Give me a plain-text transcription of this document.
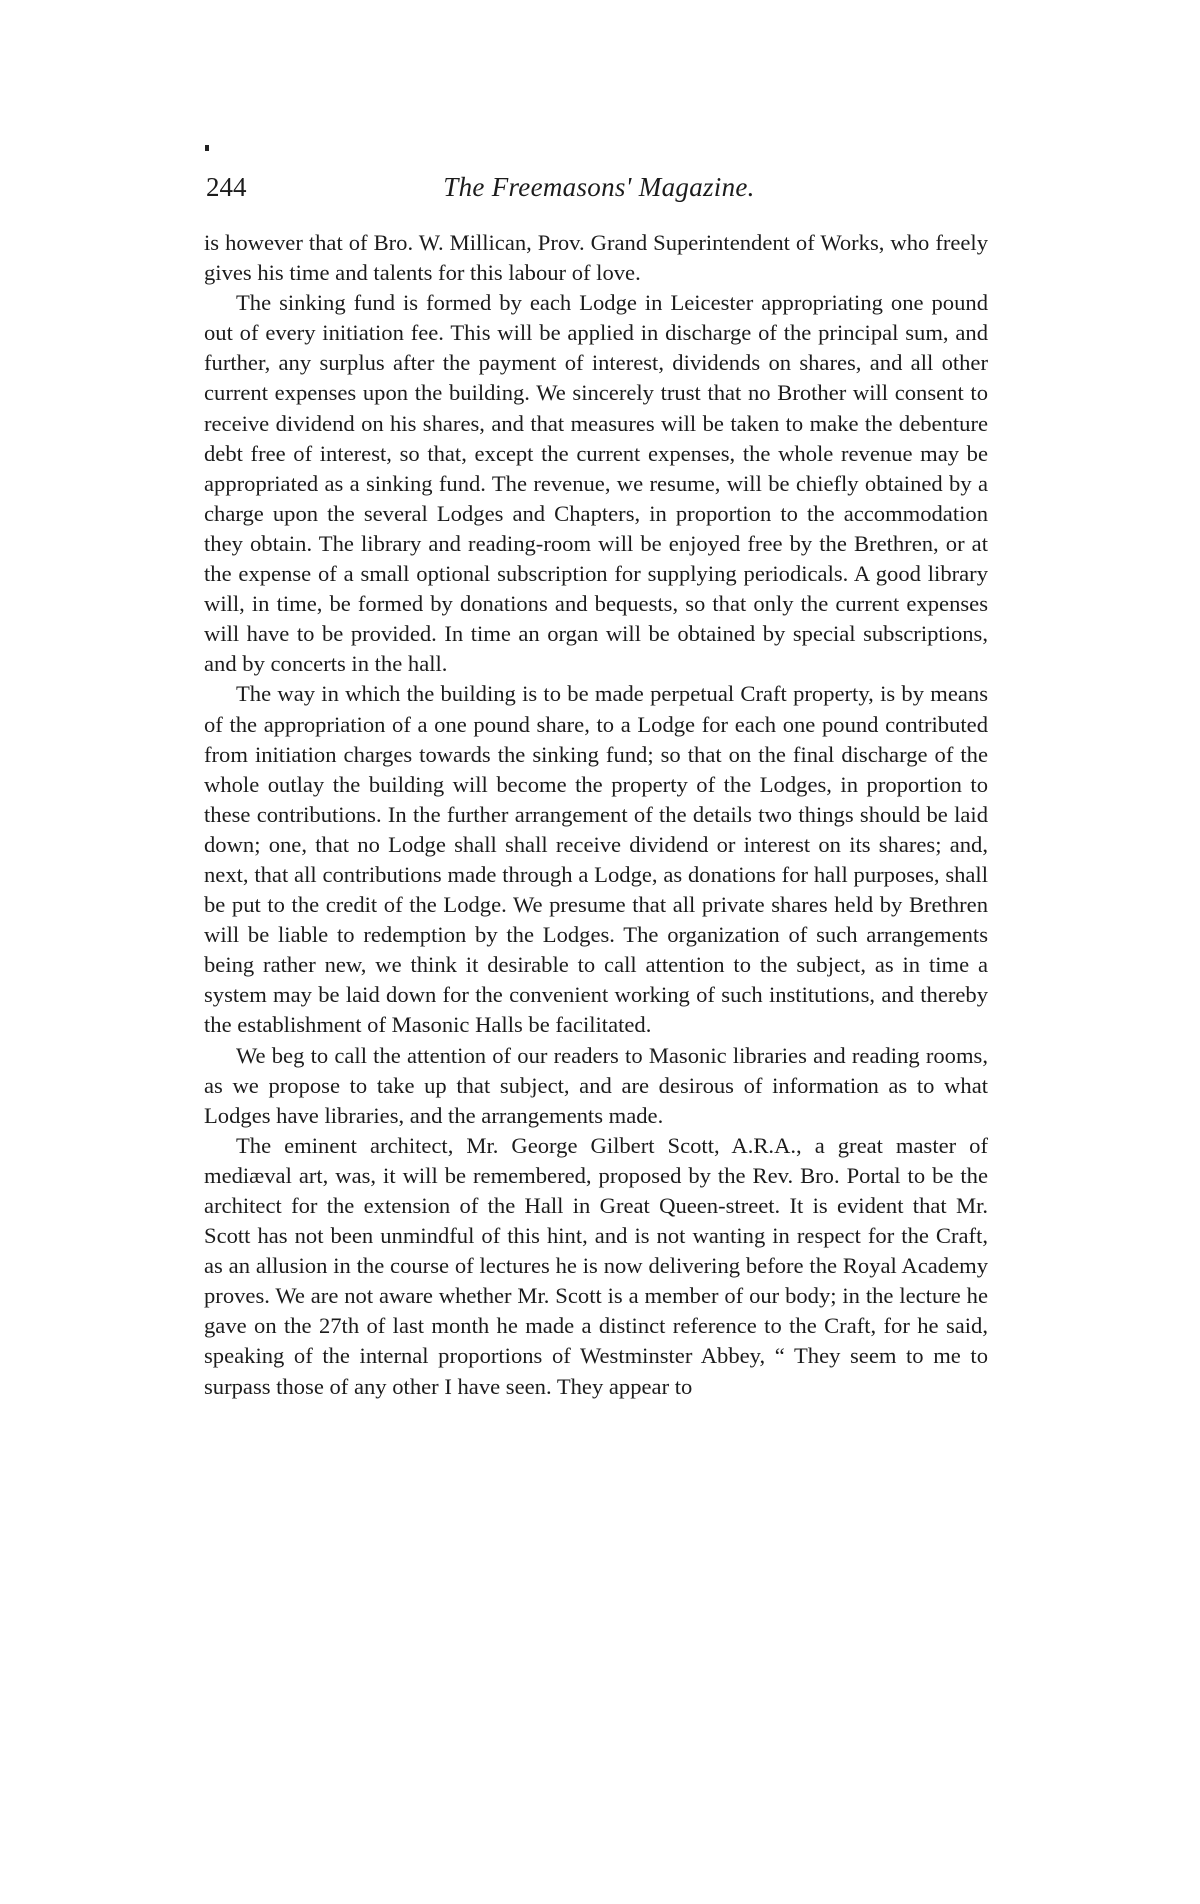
244	The Freemasons' Magazine.

is however that of Bro. W. Millican, Prov. Grand Superintendent of Works, who freely gives his time and talents for this labour of love.

The sinking fund is formed by each Lodge in Leicester appropriating one pound out of every initiation fee. This will be applied in discharge of the principal sum, and further, any surplus after the payment of interest, dividends on shares, and all other current expenses upon the building. We sincerely trust that no Brother will consent to receive dividend on his shares, and that measures will be taken to make the debenture debt free of interest, so that, except the current expenses, the whole revenue may be appropriated as a sinking fund. The revenue, we resume, will be chiefly obtained by a charge upon the several Lodges and Chapters, in proportion to the accommodation they obtain. The library and reading-room will be enjoyed free by the Brethren, or at the expense of a small optional subscription for supplying periodicals. A good library will, in time, be formed by donations and bequests, so that only the current expenses will have to be provided. In time an organ will be obtained by special subscriptions, and by concerts in the hall.

The way in which the building is to be made perpetual Craft property, is by means of the appropriation of a one pound share, to a Lodge for each one pound contributed from initiation charges towards the sinking fund; so that on the final discharge of the whole outlay the building will become the property of the Lodges, in proportion to these contributions. In the further arrangement of the details two things should be laid down; one, that no Lodge shall shall receive dividend or interest on its shares; and, next, that all contributions made through a Lodge, as donations for hall purposes, shall be put to the credit of the Lodge. We presume that all private shares held by Brethren will be liable to redemption by the Lodges. The organization of such arrangements being rather new, we think it desirable to call attention to the subject, as in time a system may be laid down for the convenient working of such institutions, and thereby the establishment of Masonic Halls be facilitated.

We beg to call the attention of our readers to Masonic libraries and reading rooms, as we propose to take up that subject, and are desirous of information as to what Lodges have libraries, and the arrangements made.

The eminent architect, Mr. George Gilbert Scott, A.R.A., a great master of mediæval art, was, it will be remembered, proposed by the Rev. Bro. Portal to be the architect for the extension of the Hall in Great Queen-street. It is evident that Mr. Scott has not been unmindful of this hint, and is not wanting in respect for the Craft, as an allusion in the course of lectures he is now delivering before the Royal Academy proves. We are not aware whether Mr. Scott is a member of our body; in the lecture he gave on the 27th of last month he made a distinct reference to the Craft, for he said, speaking of the internal proportions of Westminster Abbey, “ They seem to me to surpass those of any other I have seen. They appear to
